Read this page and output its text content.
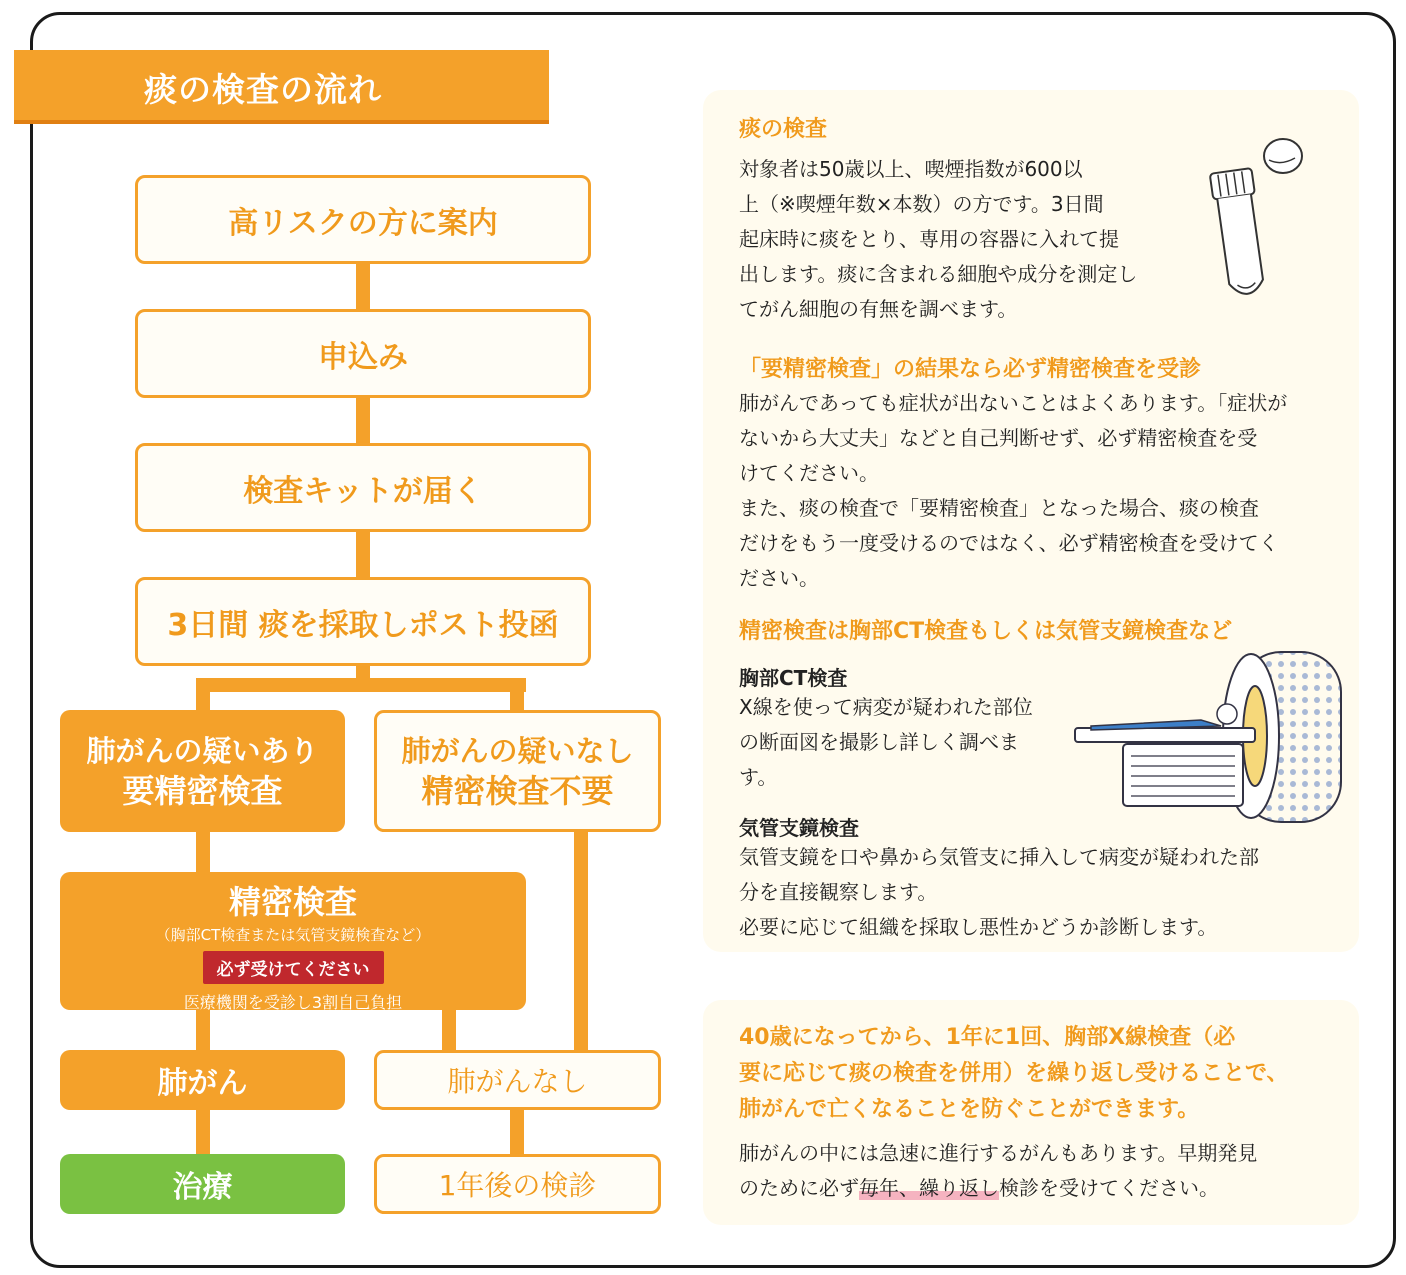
痰の検査の流れ
高リスクの方に案内
申込み
検査キットが届く
3日間 痰を採取しポスト投函
肺がんの疑いあり
要精密検査
肺がんの疑いなし
精密検査不要
精密検査
（胸部CT検査または気管支鏡検査など）
必ず受けてください
医療機関を受診し3割自己負担
肺がん	肺がんなし
治療	1年後の検診
痰の検査
対象者は50歳以上、喫煙指数が600以
上（※喫煙年数×本数）の方です。3日間
起床時に痰をとり、専用の容器に入れて提
出します。痰に含まれる細胞や成分を測定し
てがん細胞の有無を調べます。
「要精密検査」の結果なら必ず精密検査を受診
肺がんであっても症状が出ないことはよくあります。「症状が
ないから大丈夫」などと自己判断せず、必ず精密検査を受
けてください。
また、痰の検査で「要精密検査」となった場合、痰の検査
だけをもう一度受けるのではなく、必ず精密検査を受けてく
ださい。
精密検査は胸部CT検査もしくは気管支鏡検査など
胸部CT検査
X線を使って病変が疑われた部位
の断面図を撮影し詳しく調べま
す。
気管支鏡検査
気管支鏡を口や鼻から気管支に挿入して病変が疑われた部
分を直接観察します。
必要に応じて組織を採取し悪性かどうか診断します。
40歳になってから、1年に1回、胸部X線検査（必
要に応じて痰の検査を併用）を繰り返し受けることで、
肺がんで亡くなることを防ぐことができます。
肺がんの中には急速に進行するがんもあります。早期発見
のために必ず毎年、繰り返し検診を受けてください。
